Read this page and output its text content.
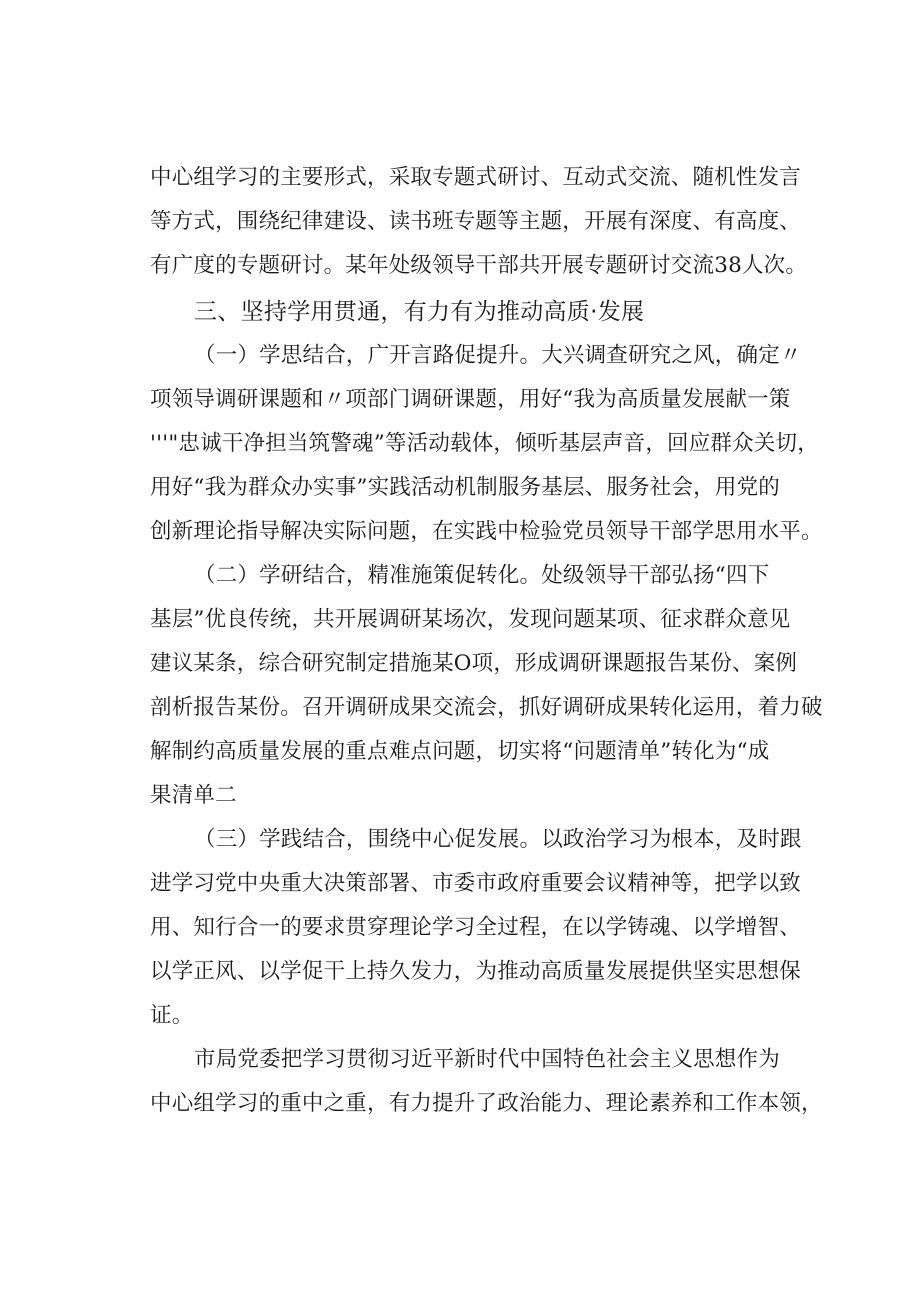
中心组学习的主要形式，采取专题式研讨、互动式交流、随机性发言
等方式，围绕纪律建设、读书班专题等主题，开展有深度、有高度、
有广度的专题研讨。某年处级领导干部共开展专题研讨交流38人次。
三、坚持学用贯通，有力有为推动高质·发展
（一）学思结合，广开言路促提升。大兴调查研究之风，确定〃
项领导调研课题和〃项部门调研课题，用好“我为高质量发展献一策
'''"忠诚干净担当筑警魂”等活动载体，倾听基层声音，回应群众关切，
用好“我为群众办实事”实践活动机制服务基层、服务社会，用党的
创新理论指导解决实际问题，在实践中检验党员领导干部学思用水平。
（二）学研结合，精准施策促转化。处级领导干部弘扬“四下
基层”优良传统，共开展调研某场次，发现问题某项、征求群众意见
建议某条，综合研究制定措施某O项，形成调研课题报告某份、案例
剖析报告某份。召开调研成果交流会，抓好调研成果转化运用，着力破
解制约高质量发展的重点难点问题，切实将“问题清单”转化为“成
果清单二
（三）学践结合，围绕中心促发展。以政治学习为根本，及时跟
进学习党中央重大决策部署、市委市政府重要会议精神等，把学以致
用、知行合一的要求贯穿理论学习全过程，在以学铸魂、以学增智、
以学正风、以学促干上持久发力，为推动高质量发展提供坚实思想保
证。
市局党委把学习贯彻习近平新时代中国特色社会主义思想作为
中心组学习的重中之重，有力提升了政治能力、理论素养和工作本领，
